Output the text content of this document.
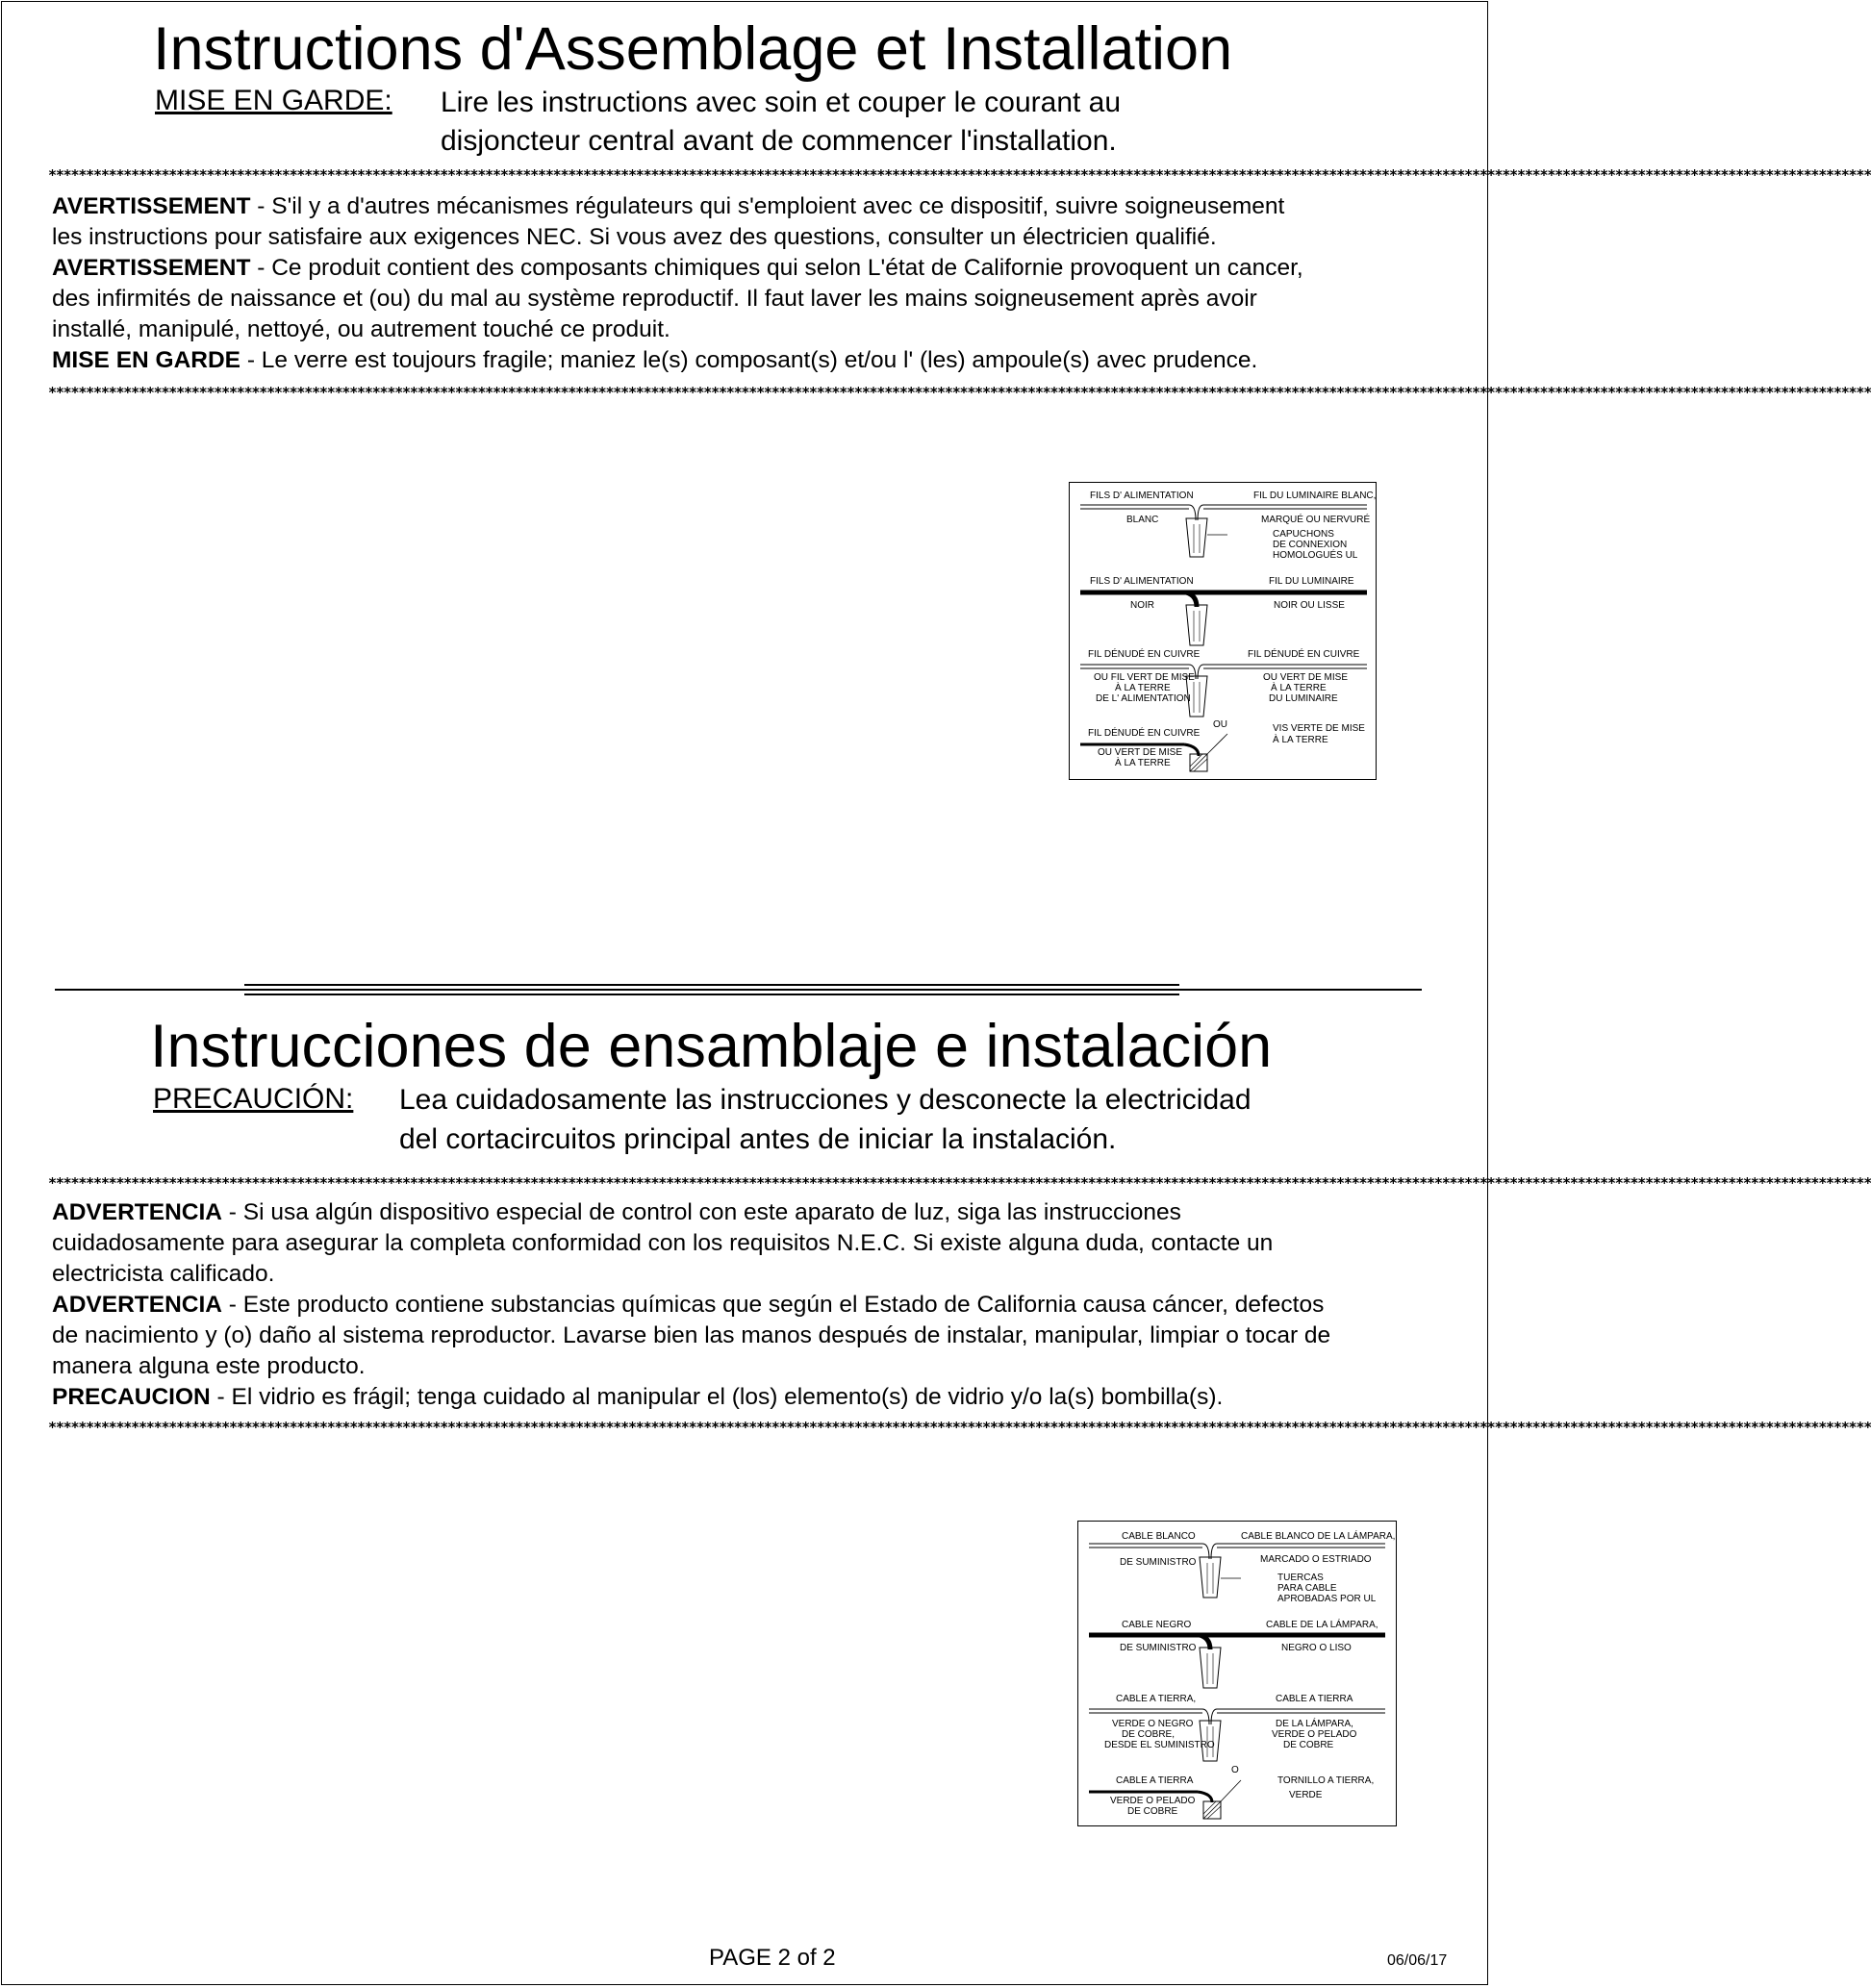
Instructions d'Assemblage et Installation
MISE EN GARDE: Lire les instructions avec soin et couper le courant au
disjoncteur central avant de commencer l'installation.
**************************************************************************************************************************************************************************************************************************************************

AVERTISSEMENT - S'il y a d'autres mécanismes régulateurs qui s'emploient avec ce dispositif, suivre soigneusement

les instructions pour satisfaire aux exigences NEC. Si vous avez des questions, consulter un électricien qualifié.

AVERTISSEMENT - Ce produit contient des composants chimiques qui selon L'état de Californie provoquent un cancer,

des infirmités de naissance et (ou) du mal au système reproductif. Il faut laver les mains soigneusement après avoir

installé, manipulé, nettoyé, ou autrement touché ce produit.

MISE EN GARDE - Le verre est toujours fragile; maniez le(s) composant(s) et/ou l' (les) ampoule(s) avec prudence.

**************************************************************************************************************************************************************************************************************************************************
FILS D' ALIMENTATION	FIL DU LUMINAIRE BLANC,
BLANC	MARQUÉ OU NERVURÉ
CAPUCHONS
DE CONNEXION
HOMOLOGUÉS UL
FILS D' ALIMENTATION	FIL DU LUMINAIRE
NOIR	NOIR OU LISSE
FIL DÉNUDÉ EN CUIVRE	FIL DÉNUDÉ EN CUIVRE
OU FIL VERT DE MISE
À LA TERRE
DE L' ALIMENTATION
OU VERT DE MISE
À LA TERRE
DU LUMINAIRE
OU
FIL DÉNUDÉ EN CUIVRE
OU VERT DE MISE
À LA TERRE
VIS VERTE DE MISE
À LA TERRE
Instrucciones de ensamblaje e instalación
PRECAUCIÓN: Lea cuidadosamente las instrucciones y desconecte la electricidad
del cortacircuitos principal antes de iniciar la instalación.
**************************************************************************************************************************************************************************************************************************************************

ADVERTENCIA - Si usa algún dispositivo especial de control con este aparato de luz, siga las instrucciones

cuidadosamente para asegurar la completa conformidad con los requisitos N.E.C. Si existe alguna duda, contacte un

electricista calificado.

ADVERTENCIA - Este producto contiene substancias químicas que según el Estado de California causa cáncer, defectos

de nacimiento y (o) daño al sistema reproductor. Lavarse bien las manos después de instalar, manipular, limpiar o tocar de

manera alguna este producto.

PRECAUCION - El vidrio es frágil; tenga cuidado al manipular el (los) elemento(s) de vidrio y/o la(s) bombilla(s).

**************************************************************************************************************************************************************************************************************************************************
CABLE BLANCO	CABLE BLANCO DE LA LÁMPARA,
DE SUMINISTRO	MARCADO O ESTRIADO
TUERCAS
PARA CABLE
APROBADAS POR UL
CABLE NEGRO	CABLE DE LA LÁMPARA,
DE SUMINISTRO	NEGRO O LISO
CABLE A TIERRA,	CABLE A TIERRA
VERDE O NEGRO
DE COBRE,
DESDE EL SUMINISTRO
DE LA LÁMPARA,
VERDE O PELADO
DE COBRE
O
CABLE A TIERRA
VERDE O PELADO
DE COBRE
TORNILLO A TIERRA,
VERDE
PAGE 2 of 2	06/06/17
